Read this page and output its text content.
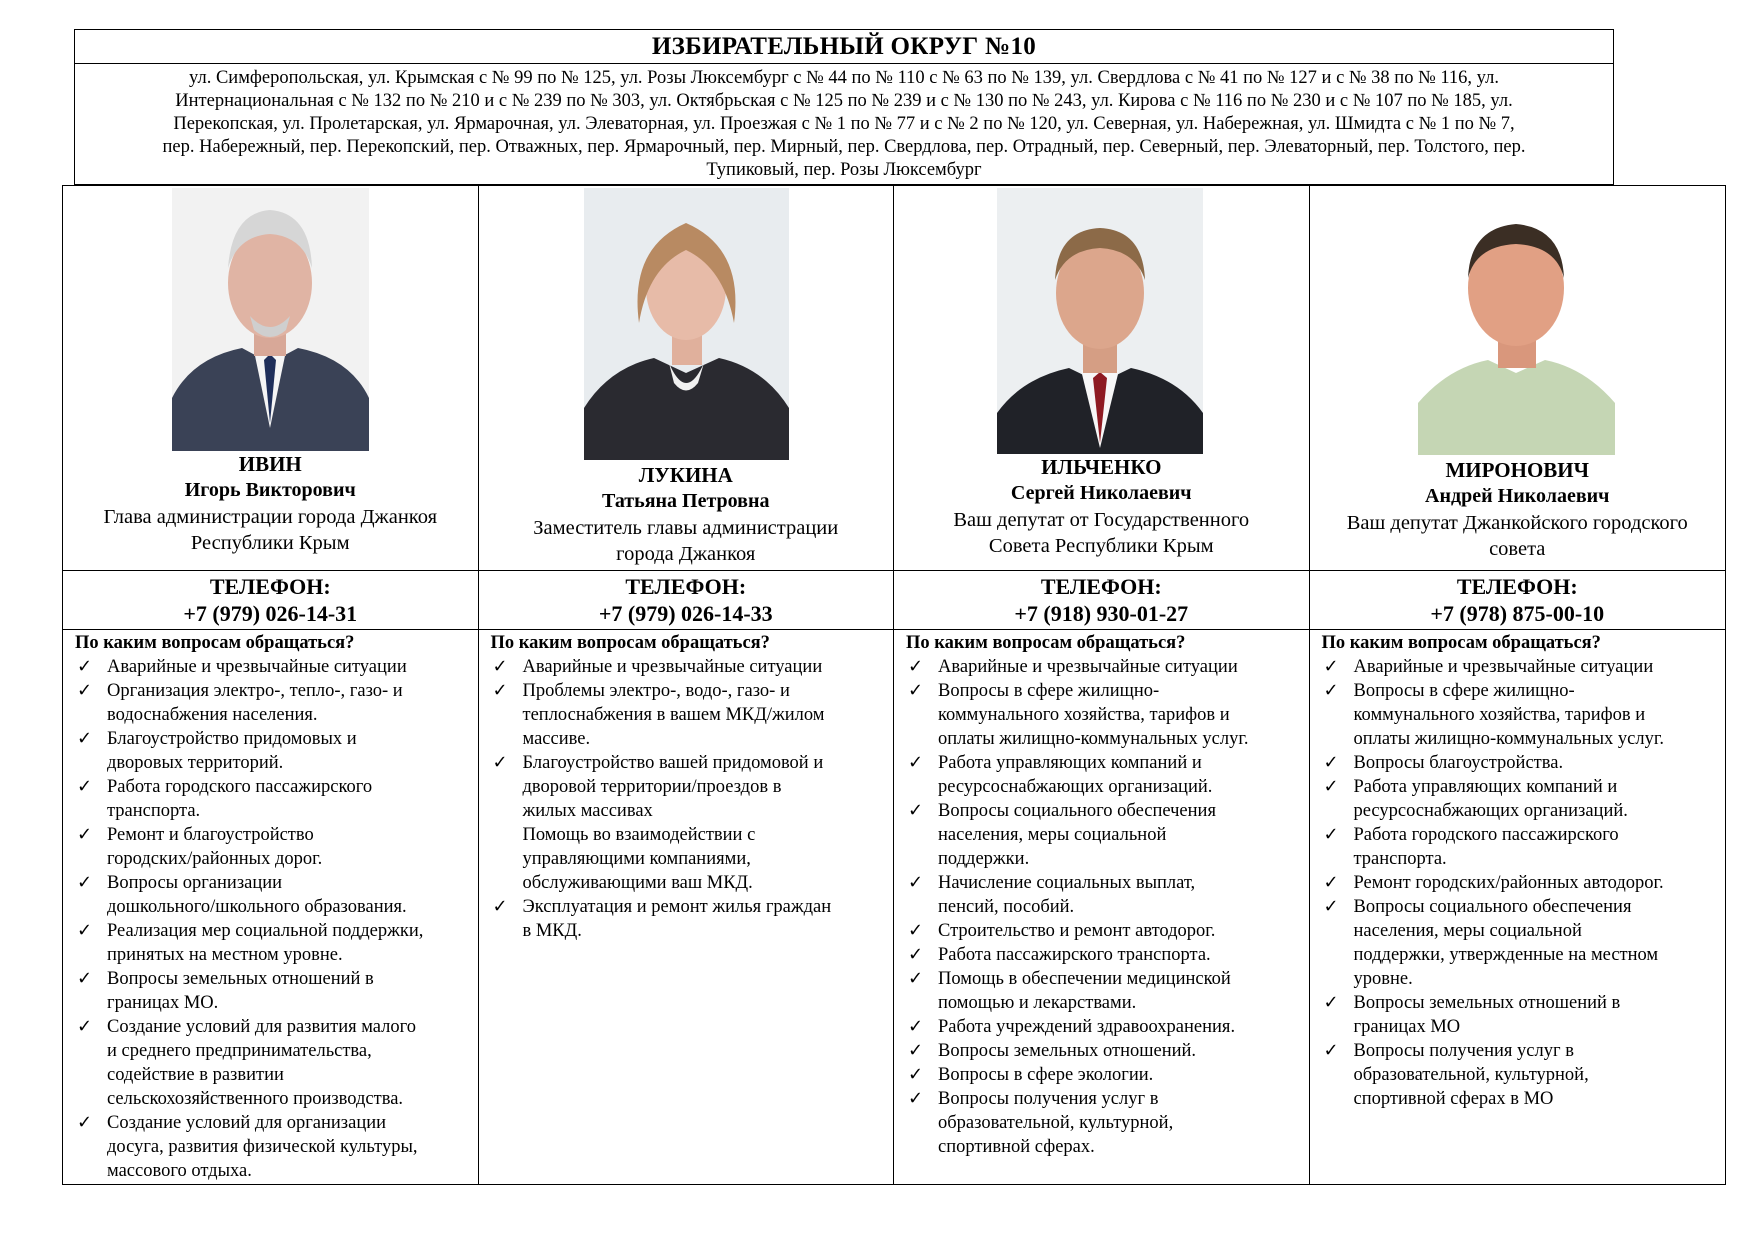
ИЗБИРАТЕЛЬНЫЙ ОКРУГ №10
ул. Симферопольская, ул. Крымская с № 99 по № 125, ул. Розы Люксембург с № 44 по № 110 с № 63 по № 139, ул. Свердлова с № 41 по № 127 и с № 38 по № 116, ул.
Интернациональная с № 132 по № 210 и с № 239 по № 303, ул. Октябрьская с № 125 по № 239 и с № 130 по № 243, ул. Кирова с № 116 по № 230 и с № 107 по № 185, ул.
Перекопская, ул. Пролетарская, ул. Ярмарочная, ул. Элеваторная, ул. Проезжая с № 1 по № 77 и с № 2 по № 120, ул. Северная, ул. Набережная, ул. Шмидта с № 1 по № 7,
пер. Набережный, пер. Перекопский, пер. Отважных, пер. Ярмарочный, пер. Мирный, пер. Свердлова, пер. Отрадный, пер. Северный, пер. Элеваторный, пер. Толстого, пер.
Тупиковый, пер. Розы Люксембург
ИВИН
Игорь Викторович
Глава администрации города Джанкоя
Республики Крым
ТЕЛЕФОН:
+7 (979) 026-14-31
По каким вопросам обращаться?
✓ Аварийные и чрезвычайные ситуации
✓ Организация электро-, тепло-, газо- и
водоснабжения населения.
✓ Благоустройство придомовых и
дворовых территорий.
✓ Работа городского пассажирского
транспорта.
✓ Ремонт и благоустройство
городских/районных дорог.
✓ Вопросы организации
дошкольного/школьного образования.
✓ Реализация мер социальной поддержки,
принятых на местном уровне.
✓ Вопросы земельных отношений в
границах МО.
✓ Создание условий для развития малого
и среднего предпринимательства,
содействие в развитии
сельскохозяйственного производства.
✓ Создание условий для организации
досуга, развития физической культуры,
массового отдыха.
ЛУКИНА
Татьяна Петровна
Заместитель главы администрации
города Джанкоя
ТЕЛЕФОН:
+7 (979) 026-14-33
По каким вопросам обращаться?
✓ Аварийные и чрезвычайные ситуации
✓ Проблемы электро-, водо-, газо- и
теплоснабжения в вашем МКД/жилом
массиве.
✓ Благоустройство вашей придомовой и
дворовой территории/проездов в
жилых массивах
Помощь во взаимодействии с
управляющими компаниями,
обслуживающими ваш МКД.
✓ Эксплуатация и ремонт жилья граждан
в МКД.
ИЛЬЧЕНКО
Сергей Николаевич
Ваш депутат от Государственного
Совета Республики Крым
ТЕЛЕФОН:
+7 (918) 930-01-27
По каким вопросам обращаться?
✓ Аварийные и чрезвычайные ситуации
✓ Вопросы в сфере жилищно-
коммунального хозяйства, тарифов и
оплаты жилищно-коммунальных услуг.
✓ Работа управляющих компаний и
ресурсоснабжающих организаций.
✓ Вопросы социального обеспечения
населения, меры социальной
поддержки.
✓ Начисление социальных выплат,
пенсий, пособий.
✓ Строительство и ремонт автодорог.
✓ Работа пассажирского транспорта.
✓ Помощь в обеспечении медицинской
помощью и лекарствами.
✓ Работа учреждений здравоохранения.
✓ Вопросы земельных отношений.
✓ Вопросы в сфере экологии.
✓ Вопросы получения услуг в
образовательной, культурной,
спортивной сферах.
МИРОНОВИЧ
Андрей Николаевич
Ваш депутат Джанкойского городского
совета
ТЕЛЕФОН:
+7 (978) 875-00-10
По каким вопросам обращаться?
✓ Аварийные и чрезвычайные ситуации
✓ Вопросы в сфере жилищно-
коммунального хозяйства, тарифов и
оплаты жилищно-коммунальных услуг.
✓ Вопросы благоустройства.
✓ Работа управляющих компаний и
ресурсоснабжающих организаций.
✓ Работа городского пассажирского
транспорта.
✓ Ремонт городских/районных автодорог.
✓ Вопросы социального обеспечения
населения, меры социальной
поддержки, утвержденные на местном
уровне.
✓ Вопросы земельных отношений в
границах МО
✓ Вопросы получения услуг в
образовательной, культурной,
спортивной сферах в МО
